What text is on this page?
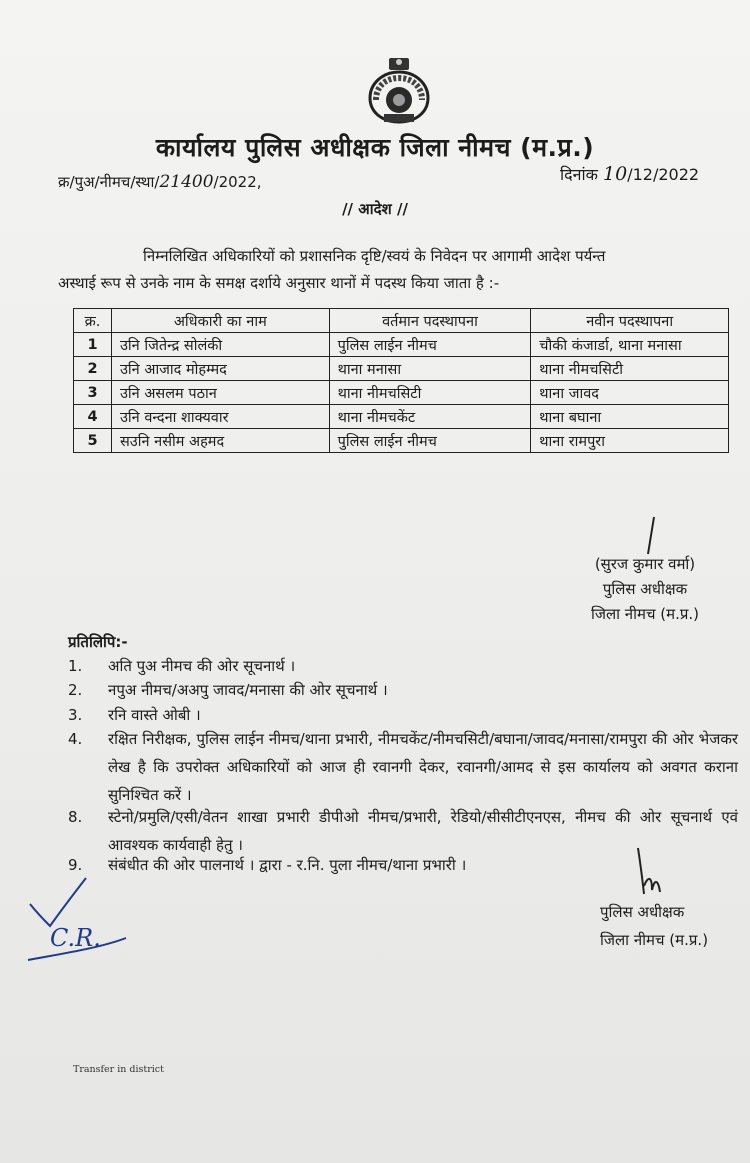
कार्यालय पुलिस अधीक्षक जिला नीमच (म.प्र.)
क्र/पुअ/नीमच/स्था/21400/2022,	दिनांक 10/12/2022
// आदेश //
निम्नलिखित अधिकारियों को प्रशासनिक दृष्टि/स्वयं के निवेदन पर आगामी आदेश पर्यन्त
अस्थाई रूप से उनके नाम के समक्ष दर्शाये अनुसार थानों में पदस्थ किया जाता है :-
क्र.	अधिकारी का नाम	वर्तमान पदस्थापना	नवीन पदस्थापना
1	उनि जितेन्द्र सोलंकी	पुलिस लाईन नीमच	चौकी कंजार्डा, थाना मनासा
2	उनि आजाद मोहम्मद	थाना मनासा	थाना नीमचसिटी
3	उनि असलम पठान	थाना नीमचसिटी	थाना जावद
4	उनि वन्दना शाक्यवार	थाना नीमचकेंट	थाना बघाना
5	सउनि नसीम अहमद	पुलिस लाईन नीमच	थाना रामपुरा
(सुरज कुमार वर्मा)
पुलिस अधीक्षक
जिला नीमच (म.प्र.)
प्रतिलिपि:-
1.	अति पुअ नीमच की ओर सूचनार्थ ।
2.	नपुअ नीमच/अअपु जावद/मनासा की ओर सूचनार्थ ।
3.	रनि वास्ते ओबी ।
4.	रक्षित निरीक्षक, पुलिस लाईन नीमच/थाना प्रभारी, नीमचकेंट/नीमचसिटी/बघाना/जावद/मनासा/रामपुरा की ओर भेजकर लेख है कि उपरोक्त अधिकारियों को आज ही रवानगी देकर, रवानगी/आमद से इस कार्यालय को अवगत कराना सुनिश्चित करें ।
8.	स्टेनो/प्रमुलि/एसी/वेतन शाखा प्रभारी डीपीओ नीमच/प्रभारी, रेडियो/सीसीटीएनएस, नीमच की ओर सूचनार्थ एवं आवश्यक कार्यवाही हेतु ।
9.	संबंधीत की ओर पालनार्थ । द्वारा - र.नि. पुला नीमच/थाना प्रभारी ।
पुलिस अधीक्षक
जिला नीमच (म.प्र.)
C.R.
Transfer in district
